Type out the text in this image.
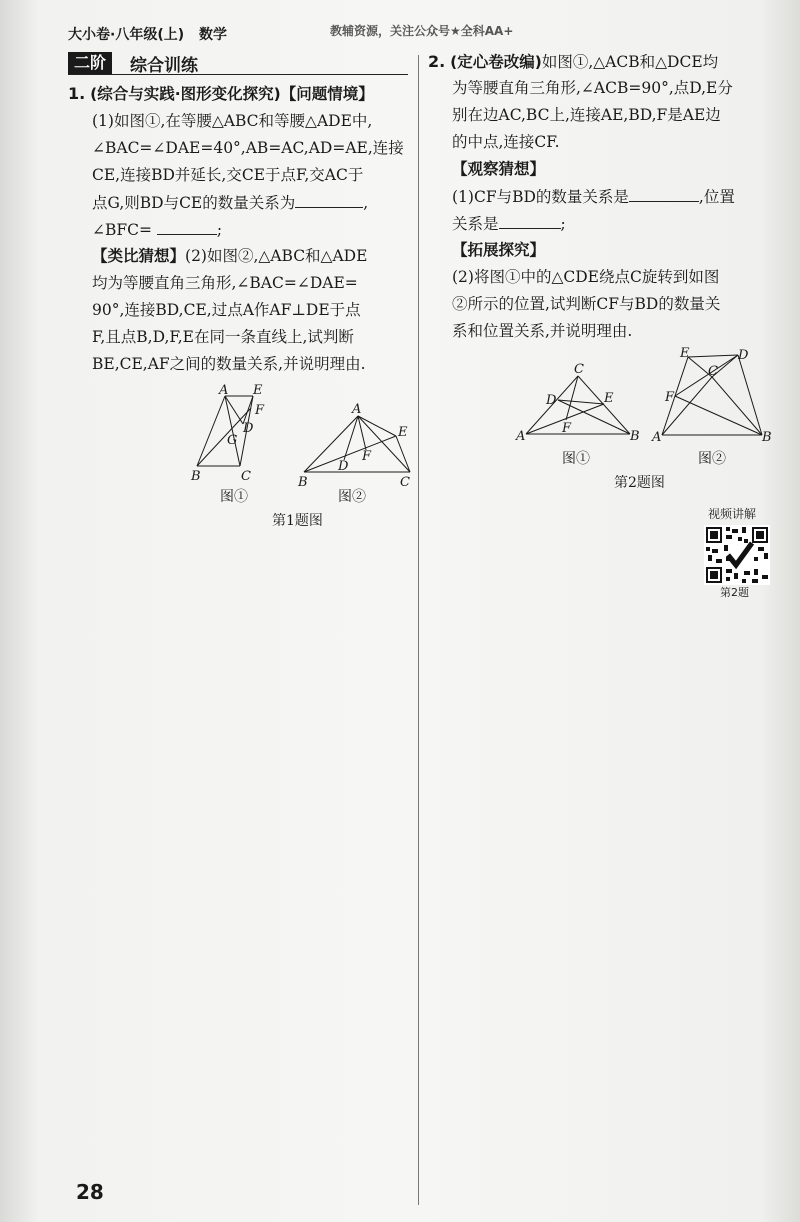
大小卷·八年级(上) 数学	教辅资源，关注公众号★全科AA+
二阶	综合训练
1. (综合与实践·图形变化探究)【问题情境】
(1)如图①,在等腰△ABC和等腰△ADE中,
∠BAC=∠DAE=40°,AB=AC,AD=AE,连接
CE,连接BD并延长,交CE于点F,交AC于
点G,则BD与CE的数量关系为	,
∠BFC=	;
【类比猜想】(2)如图②,△ABC和△ADE
均为等腰直角三角形,∠BAC=∠DAE=
90°,连接BD,CE,过点A作AF⊥DE于点
F,且点B,D,F,E在同一条直线上,试判断
BE,CE,AF之间的数量关系,并说明理由.
A E
F
D
G
B	C
图①
A
E
F
D
B	C
图②
第1题图
2. (定心卷改编)如图①,△ACB和△DCE均
为等腰直角三角形,∠ACB=90°,点D,E分
别在边AC,BC上,连接AE,BD,F是AE边
的中点,连接CF.
【观察猜想】
(1)CF与BD的数量关系是	,位置
关系是	;
【拓展探究】
(2)将图①中的△CDE绕点C旋转到如图
②所示的位置,试判断CF与BD的数量关
系和位置关系,并说明理由.
C
D	E
F
A	B
图①
E	D
C
F
A	B
图②
第2题图
视频讲解
第2题
28
